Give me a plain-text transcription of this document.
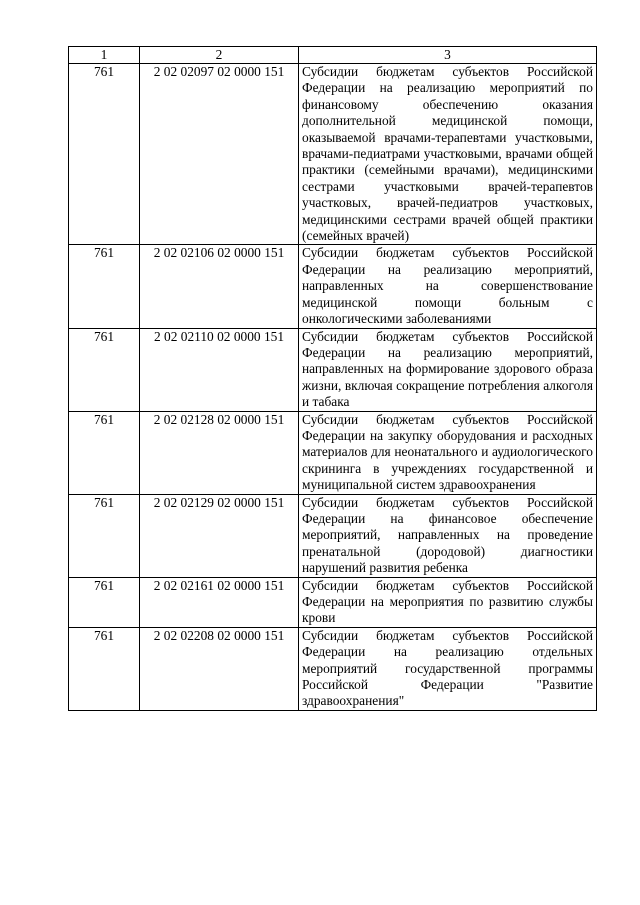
1	2	3
761	2 02 02097 02 0000 151	Субсидии бюджетам субъектов Российской Федерации на реализацию мероприятий по финансовому обеспечению оказания дополнительной медицинской помощи, оказываемой врачами-терапевтами участковыми, врачами-педиатрами участковыми, врачами общей практики (семейными врачами), медицинскими сестрами участковыми врачей-терапевтов участковых, врачей-педиатров участковых, медицинскими сестрами врачей общей практики (семейных врачей)
761	2 02 02106 02 0000 151	Субсидии бюджетам субъектов Российской Федерации на реализацию мероприятий, направленных на совершенствование медицинской помощи больным с онкологическими заболеваниями
761	2 02 02110 02 0000 151	Субсидии бюджетам субъектов Российской Федерации на реализацию мероприятий, направленных на формирование здорового образа жизни, включая сокращение потребления алкоголя и табака
761	2 02 02128 02 0000 151	Субсидии бюджетам субъектов Российской Федерации на закупку оборудования и расходных материалов для неонатального и аудиологического скрининга в учреждениях государственной и муниципальной систем здравоохранения
761	2 02 02129 02 0000 151	Субсидии бюджетам субъектов Российской Федерации на финансовое обеспечение мероприятий, направленных на проведение пренатальной (дородовой) диагностики нарушений развития ребенка
761	2 02 02161 02 0000 151	Субсидии бюджетам субъектов Российской Федерации на мероприятия по развитию службы крови
761	2 02 02208 02 0000 151	Субсидии бюджетам субъектов Российской Федерации на реализацию отдельных мероприятий государственной программы Российской Федерации "Развитие здравоохранения"
